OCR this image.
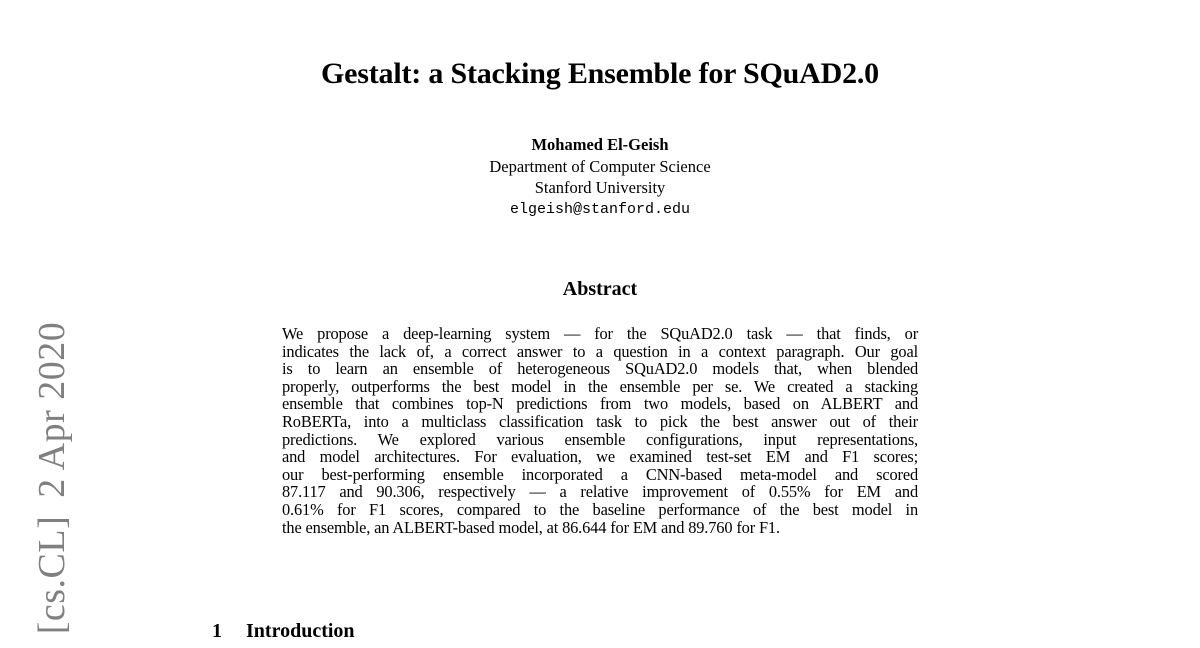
Gestalt: a Stacking Ensemble for SQuAD2.0
Mohamed El-Geish
Department of Computer Science
Stanford University
elgeish@stanford.edu
Abstract
We propose a deep-learning system — for the SQuAD2.0 task — that finds, or
indicates the lack of, a correct answer to a question in a context paragraph. Our goal
is to learn an ensemble of heterogeneous SQuAD2.0 models that, when blended
properly, outperforms the best model in the ensemble per se. We created a stacking
ensemble that combines top-N predictions from two models, based on ALBERT and
RoBERTa, into a multiclass classification task to pick the best answer out of their
predictions. We explored various ensemble configurations, input representations,
and model architectures. For evaluation, we examined test-set EM and F1 scores;
our best-performing ensemble incorporated a CNN-based meta-model and scored
87.117 and 90.306, respectively — a relative improvement of 0.55% for EM and
0.61% for F1 scores, compared to the baseline performance of the best model in
the ensemble, an ALBERT-based model, at 86.644 for EM and 89.760 for F1.
1 Introduction
[cs.CL]2 Apr 2020
